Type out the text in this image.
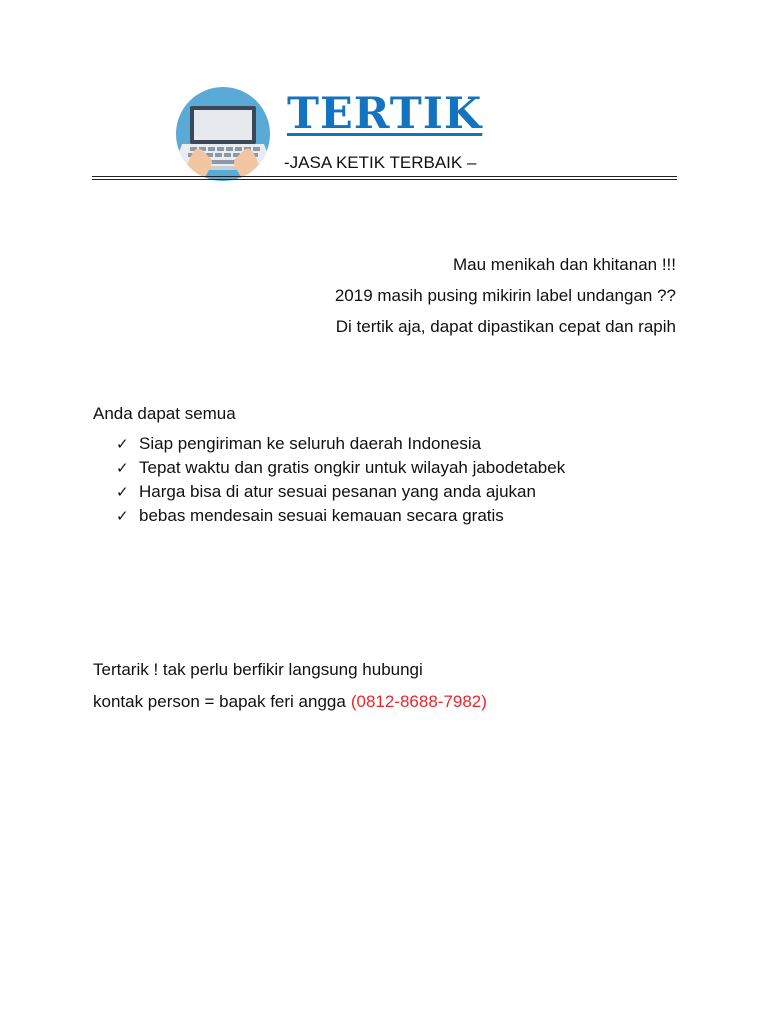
TERTIK
-JASA KETIK TERBAIK –
Mau menikah dan khitanan !!!
2019 masih pusing mikirin label undangan ??
Di tertik aja, dapat dipastikan cepat dan rapih
Anda dapat semua
✓ Siap pengiriman ke seluruh daerah Indonesia
✓ Tepat waktu dan gratis ongkir untuk wilayah jabodetabek
✓ Harga bisa di atur sesuai pesanan yang anda ajukan
✓ bebas mendesain sesuai kemauan secara gratis
Tertarik ! tak perlu berfikir langsung hubungi
kontak person = bapak feri angga (0812-8688-7982)
